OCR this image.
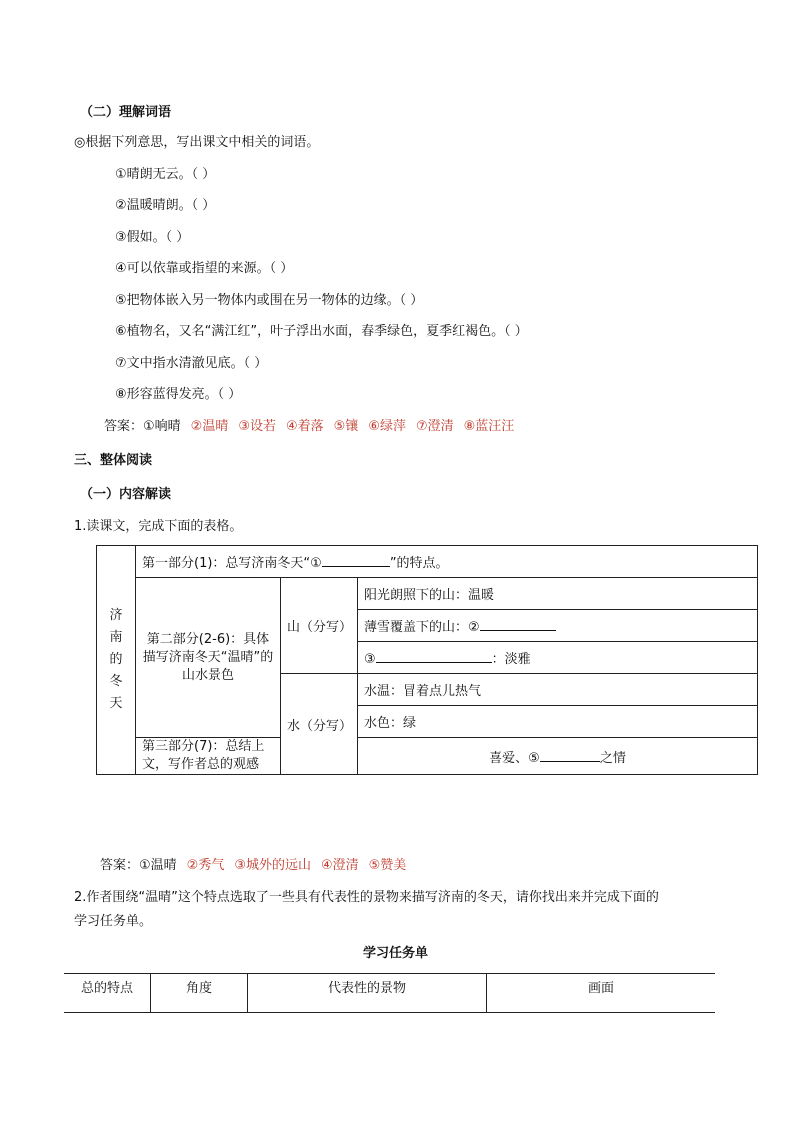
（二）理解词语
◎根据下列意思，写出课文中相关的词语。
①晴朗无云。（ ）
②温暖晴朗。（ ）
③假如。（ ）
④可以依靠或指望的来源。（ ）
⑤把物体嵌入另一物体内或围在另一物体的边缘。（ ）
⑥植物名，又名“满江红”，叶子浮出水面，春季绿色，夏季红褐色。（ ）
⑦文中指水清澈见底。（ ）
⑧形容蓝得发亮。（ ）
答案：①响晴 ②温晴 ③设若 ④着落 ⑤镶 ⑥绿萍 ⑦澄清 ⑧蓝汪汪
三、整体阅读
（一）内容解读
1.读课文，完成下面的表格。
济南的冬天	第一部分(1)：总写济南冬天“① ”的特点。		
	第二部分(2-6)：具体描写济南冬天“温晴”的山水景色	山（分写）	阳光朗照下的山：温暖
			薄雪覆盖下的山：②
			③ ：淡雅
		水（分写）	水温：冒着点儿热气
			水色：绿
	第三部分(7)：总结上文，写作者总的观感		喜爱、⑤ 之情
答案：①温晴 ②秀气 ③城外的远山 ④澄清 ⑤赞美
2.作者围绕“温晴”这个特点选取了一些具有代表性的景物来描写济南的冬天，请你找出来并完成下面的
学习任务单。
学习任务单
总的特点	角度	代表性的景物	画面
